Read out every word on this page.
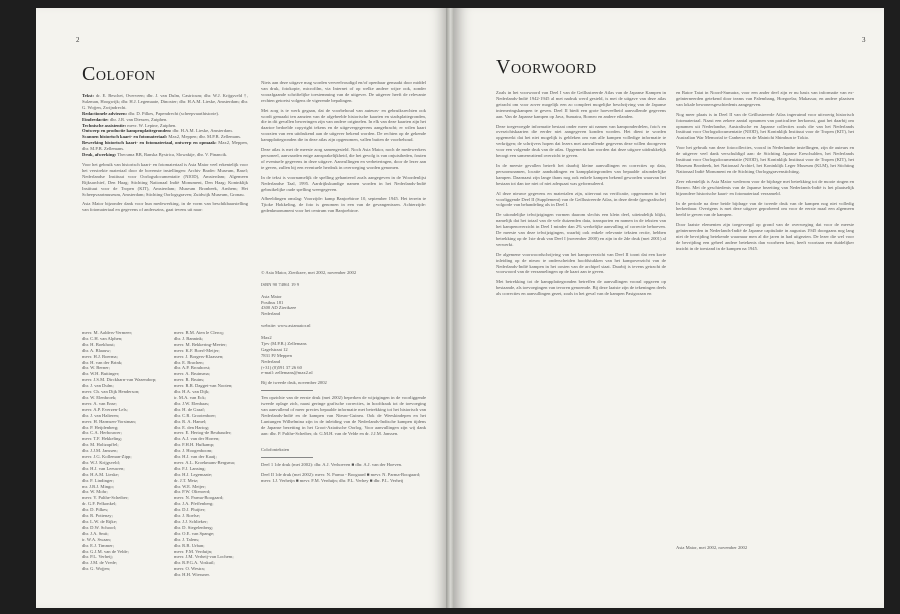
2
Colofon

Tekst: dr. E. Beschet, Overveen; dhr. J. van Dulm, Castricum; dhr. W.J. Krijgsveld †, Sulzman, Hoogwijk; dhr. H.J. Legemaate, Dinoxter; dhr. H.A.M. Lieske, Amsterdam; dhr. G. Wojjen, Zwijndrecht.
Redactionele adviezen: dhr. D. Pilkes, Papendrecht (scheepvaarthistorie).
Eindredactie: dhr. J.R. van Diessen, Zutphen.
Technische assistentie: mevr. W. Lepine, Zutphen.
Ontwerp en productie kampenplattegronden: dhr. H.A.M. Lieske, Amsterdam.
Scannen historisch kaart- en fotomateriaal: Max2, Meppen; dhr. M.P.B. Zellemans.
Bewerking historisch kaart- en fotomateriaal, ontwerp en opmaak: Max2, Meppen, dhr. M.P.B. Zellemans.
Druk, afwerking: Thecuma BB, Banska Bystrica, Slowakije, dhr. V. Pinancik.

Voor het gebruik van historisch kaart- en fotomateriaal is Asia Maior veel erkentelijk voor het verstrekte materiaal door de bovenste instellingen: Archiv Bradec Museum, Basel; Nederlandse Instituut voor Oorlogsdocumentatie (NIOD), Amsterdam; Algemeen Rijksarchief, Den Haag; Stichting Nationaal Indië Monument, Den Haag; Koninklijk Instituut voor de Tropen (KIT), Amsterdam; Museum Bronbeek, Arnhem; Het Scheepvaartmuseum, Amsterdam; Stichting Oorlogsgraven; Zuidwijk Museum, Gronau.

Asia Maior bijzonder dank voor hun medewerking, in de vorm van beschikbaarstelling van fotomateriaal en gegevens of anderszins, gaat tevens uit naar:

mevr. M. Aalders-Vermeer;
dhr. C.H. van Alphen;
dhr. H. Boekhout;
dhr. A. Blaauw;
mevr. H.J. Boerma;
dhr. H. van der Brink;
dhr. W. Berner;
dhr. W.H. Buttinger;
mevr. J.S.M. Dirckharn-van Wazendorp;
dhr. J. van Dulm;
mevr. Ch. van Dijk Henderson;
dhr. W. Elenbroek;
mevr. A. van Ense;
mevr. A.P. Everzen-Lels;
dhr. J. van Halteren;
mevr. H. Harmsen-Vorstman;
dhr. P. Heijdenberg;
dhr. C.A. Herbouwer;
mevr. T.F. Hekkeling;
dhr. M. Holtzapffel;
dhr. J.J.M. Janssen;
mevr. J.G. Kolleman-Zipp;
dhr. W.J. Krijgsveld;
dhr. H.J. van Leeuwen;
dhr. H.A.M. Lieske;
dhr. F. Lindinger;
mr. J.B.J. Mingo;
dhr. W. Mohr;
mevr. Y. Palthe-Scheiber;
dr. G.F. Pelkonkel;
dhr. D. Pilkes;
dhr. R. Pottenzy;
dhr. L.W. de Rijke;
dhr. D.W. Schoorl;
dhr. J.A. Smit;
ir. W.A. Swaan;
dhr. E.J. Timmer;
dhr. G.J.M. van de Velde;
dhr. P.L. Verheij;
dhr. J.M. de Vrede;
dhr. G. Wojjen;
mevr. B.M. Aten le Clercq;
dhr. J. Bannink;
mevr. M. Bekkering-Meeter;
mevr. K.F. Boerl-Meijer;
mevr. J. Borgers-Klaassen;
dhr. E. Brachen;
dhr. A.P. Brouhorst;
mevr. A. Bruinsma;
mevr. R. Bruins;
mevr. R.R. Dagget-van Nooten;
dhr. H.A. van Dijk;
ir. M.A. van Eck;
dhr. J.W. Elenbaas;
dhr. H. de Graaf;
dhr. C.R. Grootenboer;
dhr. R. A. Hamel;
dhr. E. den Hartog;
mevr. E. Hertog-de Beubauder;
dhr. A.J. van der Horren;
dhr. F.H.H. Hufkamp;
dhr. J. Hoogenboom;
dhr. H.J. van der Kaaij;
mevr. A.L. Kroekmans-Bergsma;
dhr. F.J. Lansing;
dhr. H.J. Legemaate;
dr. J.T. Metz;
dhr. W.E. Meijer;
dhr. P.W. Olieroerd;
mevr. N. Parma-Boogaard;
dhr. J.A. Pfeffenberg;
dhr. D.J. Pluijter;
dhr. J. Roelse;
dhr. J.J. Schlieker;
dhr. D. Siegelenberg;
dhr. O.E. van Spange;
dhr. J. Talens;
dhr. R.B. Urban;
mevr. F.M. Verduijn;
mevr. J.M. Verheij-van Lochem;
dhr. R.P.G.A. Voskuil;
mevr. O. Westra;
dhr. H.H. Wiessner.

Niets aan deze uitgave mag worden verveelvoudigd en/of openbaar gemaakt door middel van druk, fotokopie, microfilm, via Internet of op welke andere wijze ook, zonder voorafgaande schriftelijke toestemming van de uitgever. De uitgever heeft de relevante rechten getoetst volgens de vigerende bepalingen.

Met zorg is te werk gegaan, dat de voorbehoud van auteurs- en gebruiksrechten ook wordt gemaakt ten aanzien van de afgebeelde historische kaarten en stadsplattegronden, die in dit gevallen beweringen zijn van ondere originelen. In elk van deze kaarten zijn het daartoe bedoelde copyright tekens en de uitgevergegevens aangebracht; er wilen kaart voorzien van een uitdrukend aan de uitgever bekend worden. De rechten op de gekende kampplattegronden die in deze atlas zijn opgenomen, vallen buiten de voorbehoud.

Deze atlas is met de meeste zorg samengesteld. Noch Asia Maior, noch de medewerkers personeel, aanvaarden enige aansprakelijkheid, die het gevolg is van onjuistheden, fouten of eventuele gegevens in deze uitgave. Aanvullingen en verbeteringen, door de lezer aan te geven, zullen bij een eventuele herdruk in overweging worden genomen.

In de tekst is voornamelijk de spelling gehanteerd zoals aangegeven in de Woordenlijst Nederlandse Taal, 1995. Aardrijkskundige namen worden in het Nederlands-Indië gebruikelijke oude spelling weergegeven.

Afbeeldingen omslag: Voorzijde: kamp Banjoebiroe 10, september 1945. Het terrein te Tjioke Hokkeling, de foto is genomen in een van de gevangenissen. Achterzijde: gedenkmonument voor het centrum van Banjoebiroe.

© Asia Maior, Zierikzee, mei 2002, november 2002

ISBN 90 74861 19 9

Asia Maior
Postbus 181
4300 AD Zierikzee
Nederland

website: www.asiamaior.nl

Max2
Tjev (M.P.B.) Zellemans
Gagelstraat 12
7831 PJ Meppen
Nederland
(+31) (0)591 37 26 60
e-mail: zellemans@max2.nl
Bij de tweede druk, november 2002
Ten opzichte van de eerste druk (mei 2002) beperken de wijzigingen in de voorliggende tweede oplage zich, naast geringe grafische correcties, in hoofdzaak tot de toevoeging van aanvullend of meer precies bepaalde informatie met betrekking tot het historisch van Nederlands-Indië en de kampen van Nieuw-Guinea. Ook de Weeskindepen en het Luntungen Wilhelmina zijn in de inleiding van de Nederlands-Indische kampen tijdens de Japanse bezetting in het Groot-Aziatische Oorlog. Voor aanvullingen zijn wij dank aan: dhr. P. Palthe-Scheiber, dr. G.M.H. van de Velde en dr. J.J.M. Janssen.
Colofonteksten
Deel 1 1de druk (mei 2002): dhr. A.J. Verhoeven ■ dhr. A.J. van der Hoeven.
Deel II 1de druk (mei 2002): mevr. N. Parma - Boogaard ■ mevr. N. Parma-Boogaard; mevr. I.J. Verheijn ■ mevr. F.M. Verduijn; dhr. P.L. Verhey ■ dhr. P.L. Verheij
3
Voorwoord

Zoals in het voorwoord van Deel I van de Geïllustreerde Atlas van de Japanse Kampen in Nederlands-Indië 1942-1945 al met nadruk werd gesteld, is met de uitgave van deze atlas getracht om voor zover mogelijk een zo compleet mogelijke beschrijving van de Japanse interneringskampen te geven. Deel II biedt een grote hoeveelheid aanvullende gegevens aan. Van de Japanse kampen op Java, Sumatra, Borneo en andere eilanden.

Deze toegevoegde informatie bestaat onder meer uit namen van kamponderdelen, foto's en overzichtskaarten die eerder niet aangegeven konden worden. Het dient te worden opgemerkt dat het niet mogelijk is gebleken om van alle kampen volledige informatie te verkrijgen; de schrijvers hopen dat lezers met aanvullende gegevens deze willen doorgeven voor een volgende druk van de atlas. Opgemerkt kan worden dat deze uitgave uitdrukkelijk beoogt een samenvattend overzicht te geven.

In de meeste gevallen betreft het daarbij kleine aanvullingen en correcties op data, persoonsnamen, locatie aanduidingen en kampplattegronden van bepaalde afzonderlijke kampen. Daarnaast zijn lange thans nog ook enkele kampen bekend geworden waarvan het bestaan tot dan toe niet of niet adequaat was geformuleerd.

Al deze nieuwe gegevens en materialen zijn, uitervaut na verificatie, opgenomen in het voorliggende Deel II (Supplement) van de Geïllustreerde Atlas, in deze derde (geografische) volgorde van behandeling als in Deel I.

De uitondelijke telwijzigingen vormen daarom slechts een klein deel, uiteindelijk blijkt, namelijk dat het totaal van de vele duizenden data, transporten en namen in de teksten van het kampenoverzicht in Deel I minder dan 2% werkelijke aanvulling of correctie behoeven. De meeste van deze telwijzigingen, waarbij ook enkele relevante teksten rectie, hebben betrekking op de 1ste druk van Deel I (november 2000) en zijn in de 2de druk (mei 2001) al verwerkt.

De algemene voorwoordschrijving van het kampoverzicht van Deel II toont dat een korte inleiding op de nieuw te onderscheiden hoofdstukken van het kampoverzicht van de Nederlands-Indië kampen in het oosten van de archipel staat. Daarbij is tevens getracht de voorwoord van de verzamelingen op de kaart aan te geven.

Met betrekking tot de kampplattegronden betreffen de aanvullingen vooral opgaven op bestaande, als toevoegingen van tevoren genoemde. Bij deze laatste zijn de tekeningen deels als correcties en aanvullingen gezet, zoals in het geval van de kampen Pasigoraan en

en Batoe Tatat in Noord-Sumatra, voor een ander deel zijn er nu basis van informatie van ex-geïnterneerden getekend door teams van Palembang, Hoegoelar, Makassar, en andere plaatsen van lokale bewonersgeschiedenis aangegeven.

Nog meer plaats is in Deel II van de Geïllustreerde Atlas ingeruimd voor uitvoerig historisch fotomateriaal. Naast een zekere aantal opnamen van particuliere herkomst, gaat het daarbij om opnamen uit Nederlandse, Australische en Japanse collecties zoals die van het Nederlands Instituut voor Oorlogsdocumentatie (NIOD), het Koninklijk Instituut voor de Tropen (KIT), het Australian War Memorial te Canberra en de Mainichi Shimbun te Tokio.

Voor het gebruik van deze fotocollecties, vooral in Nederlandse instellingen, zijn de auteurs en de uitgever veel dank verschuldigd aan: de Stichting Japanse Ereschulden, het Nederlands Instituut voor Oorlogsdocumentatie (NIOD), het Koninklijk Instituut voor de Tropen (KIT), het Museum Bronbeek, het Nationaal Archief, het Koninklijk Leger Museum (KLM), het Stichting Nationaal Indië Monument en de Stichting Oorlogsgravenstichting.

Zeer erkentelijk is Asia Maior wederom voor de bijdrage met betrekking tot de mooie ringen en Borneo. Met de geschiedenis van de Japanse bezetting van Nederlands-Indië is het plaatselijk bijzondere historische kaart- en fotomateriaal verzameld.

In de periode na deze beide bijdrage van de tweede druk van de kampen nog niet volledig herkenbaar. Overigens is met deze uitgave geprobeerd om voor de eerste maal een algemeen beeld te geven van de kampen.

Door laatste elementen zijn toegevoegd op grond van de overweging dat voor de meeste geïnterneerden in Nederlands-Indië de Japanse capitulatie in augustus 1945 doorgaans nog lang niet de bevrijding betekende waarnaar men al die jaren in had uitgezien. De lezer die wel voor de bevrijding een geheel andere betekenis dan voorheen kent, heeft voortaan een duidelijker inzicht in de toestand in de kampen na 1945.

Asia Maior, mei 2002, november 2002
